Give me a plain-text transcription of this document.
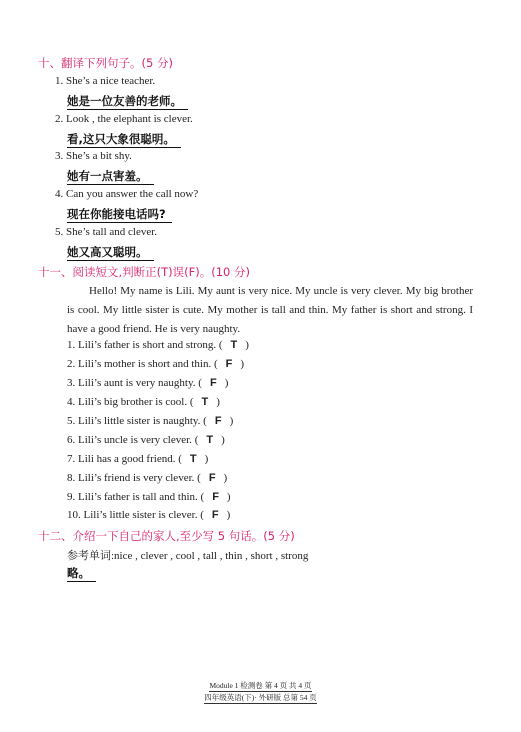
十、翻译下列句子。(5 分)
1. She’s a nice teacher.
她是一位友善的老师。
2. Look , the elephant is clever.
看,这只大象很聪明。
3. She’s a bit shy.
她有一点害羞。
4. Can you answer the call now?
现在你能接电话吗?
5. She’s tall and clever.
她又高又聪明。
十一、阅读短文,判断正(T)误(F)。(10 分)

Hello! My name is Lili. My aunt is very nice. My uncle is very clever. My big brother is cool. My little sister is cute. My mother is tall and thin. My father is short and strong. I have a good friend. He is very naughty.

1. Lili’s father is short and strong. ( T )
2. Lili’s mother is short and thin. ( F )
3. Lili’s aunt is very naughty. ( F )
4. Lili’s big brother is cool. ( T )
5. Lili’s little sister is naughty. ( F )
6. Lili’s uncle is very clever. ( T )
7. Lili has a good friend. ( T )
8. Lili’s friend is very clever. ( F )
9. Lili’s father is tall and thin. ( F )
10. Lili’s little sister is clever. ( F )
十二、介绍一下自己的家人,至少写 5 句话。(5 分)
参考单词:nice , clever , cool , tall , thin , short , strong
略。
Module 1 检测卷 第 4 页 共 4 页
四年级英语(下)· 外研版 总第 54 页
